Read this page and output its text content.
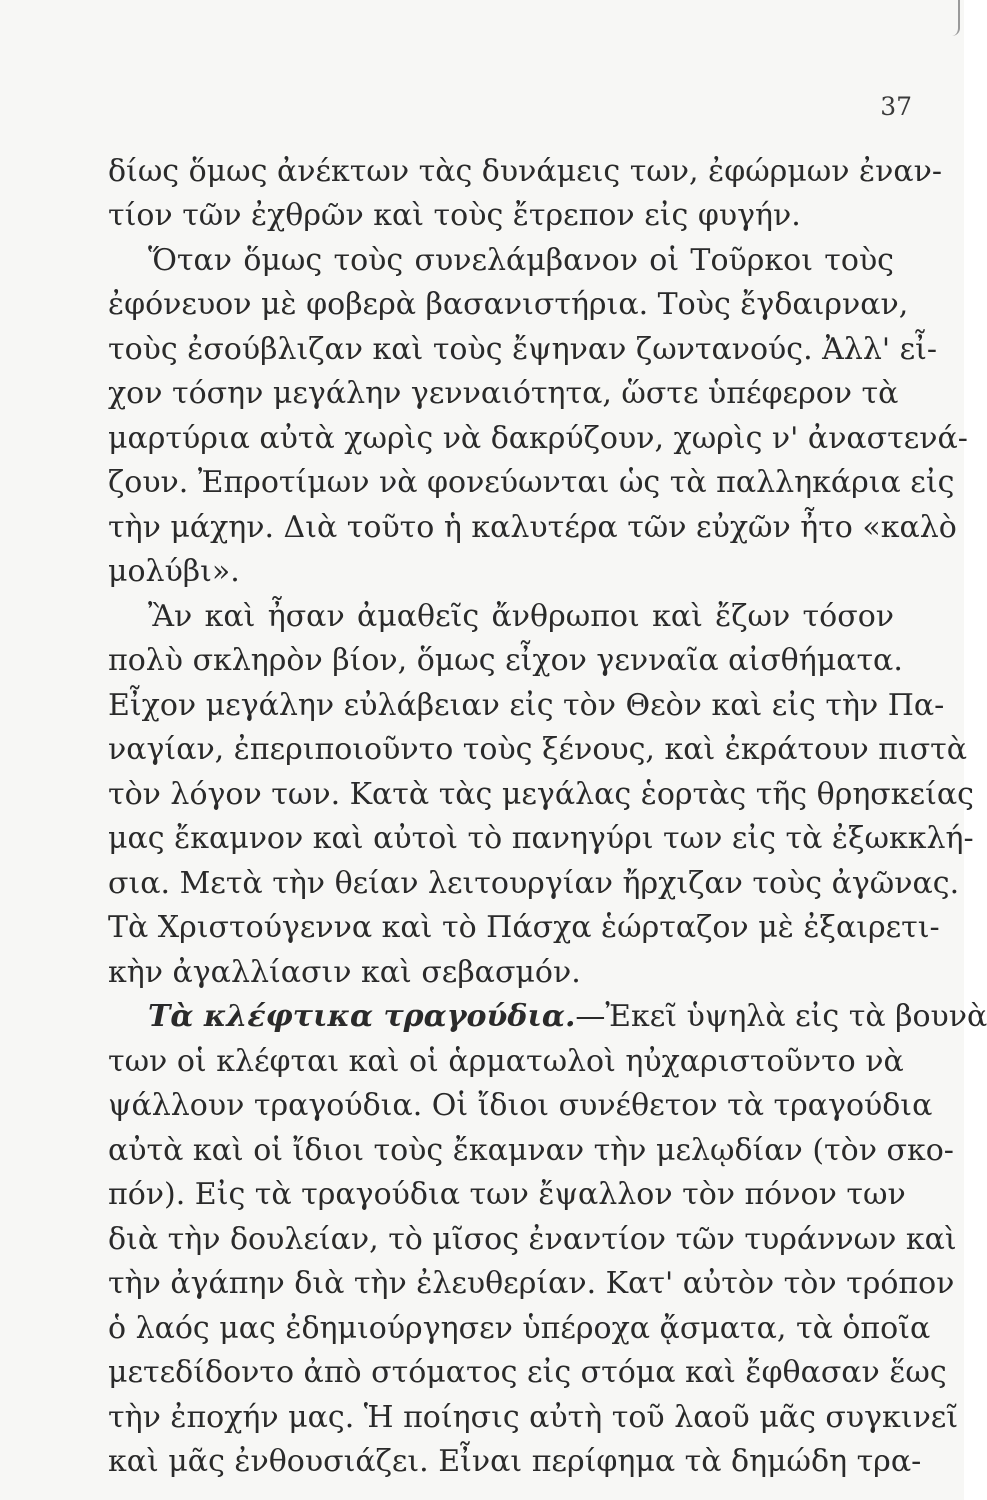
37
δίως ὅμως ἀνέκτων τὰς δυνάμεις των, ἐφώρμων ἐναν-
τίον τῶν ἐχθρῶν καὶ τοὺς ἔτρεπον εἰς φυγήν.
Ὅταν ὅμως τοὺς συνελάμβανον οἱ Τοῦρκοι τοὺς
ἐφόνευον μὲ φοβερὰ βασανιστήρια. Τοὺς ἔγδαιρναν,
τοὺς ἐσούβλιζαν καὶ τοὺς ἔψηναν ζωντανούς. Ἀλλ' εἶ-
χον τόσην μεγάλην γενναιότητα, ὥστε ὑπέφερον τὰ
μαρτύρια αὐτὰ χωρὶς νὰ δακρύζουν, χωρὶς ν' ἀναστενά-
ζουν. Ἐπροτίμων νὰ φονεύωνται ὡς τὰ παλληκάρια εἰς
τὴν μάχην. Διὰ τοῦτο ἡ καλυτέρα τῶν εὐχῶν ἦτο «καλὸ
μολύβι».
Ἂν καὶ ἦσαν ἀμαθεῖς ἄνθρωποι καὶ ἔζων τόσον
πολὺ σκληρὸν βίον, ὅμως εἶχον γενναῖα αἰσθήματα.
Εἶχον μεγάλην εὐλάβειαν εἰς τὸν Θεὸν καὶ εἰς τὴν Πα-
ναγίαν, ἐπεριποιοῦντο τοὺς ξένους, καὶ ἐκράτουν πιστὰ
τὸν λόγον των. Κατὰ τὰς μεγάλας ἑορτὰς τῆς θρησκείας
μας ἔκαμνον καὶ αὐτοὶ τὸ πανηγύρι των εἰς τὰ ἐξωκκλή-
σια. Μετὰ τὴν θείαν λειτουργίαν ἤρχιζαν τοὺς ἀγῶνας.
Τὰ Χριστούγεννα καὶ τὸ Πάσχα ἑώρταζον μὲ ἐξαιρετι-
κὴν ἀγαλλίασιν καὶ σεβασμόν.
Τὰ κλέφτικα τραγούδια.—Ἐκεῖ ὑψηλὰ εἰς τὰ βουνὰ
των οἱ κλέφται καὶ οἱ ἁρματωλοὶ ηὐχαριστοῦντο νὰ
ψάλλουν τραγούδια. Οἱ ἴδιοι συνέθετον τὰ τραγούδια
αὐτὰ καὶ οἱ ἴδιοι τοὺς ἔκαμναν τὴν μελῳδίαν (τὸν σκο-
πόν). Εἰς τὰ τραγούδια των ἔψαλλον τὸν πόνον των
διὰ τὴν δουλείαν, τὸ μῖσος ἐναντίον τῶν τυράννων καὶ
τὴν ἀγάπην διὰ τὴν ἐλευθερίαν. Κατ' αὐτὸν τὸν τρόπον
ὁ λαός μας ἐδημιούργησεν ὑπέροχα ᾄσματα, τὰ ὁποῖα
μετεδίδοντο ἀπὸ στόματος εἰς στόμα καὶ ἔφθασαν ἕως
τὴν ἐποχήν μας. Ἡ ποίησις αὐτὴ τοῦ λαοῦ μᾶς συγκινεῖ
καὶ μᾶς ἐνθουσιάζει. Εἶναι περίφημα τὰ δημώδη τρα-
